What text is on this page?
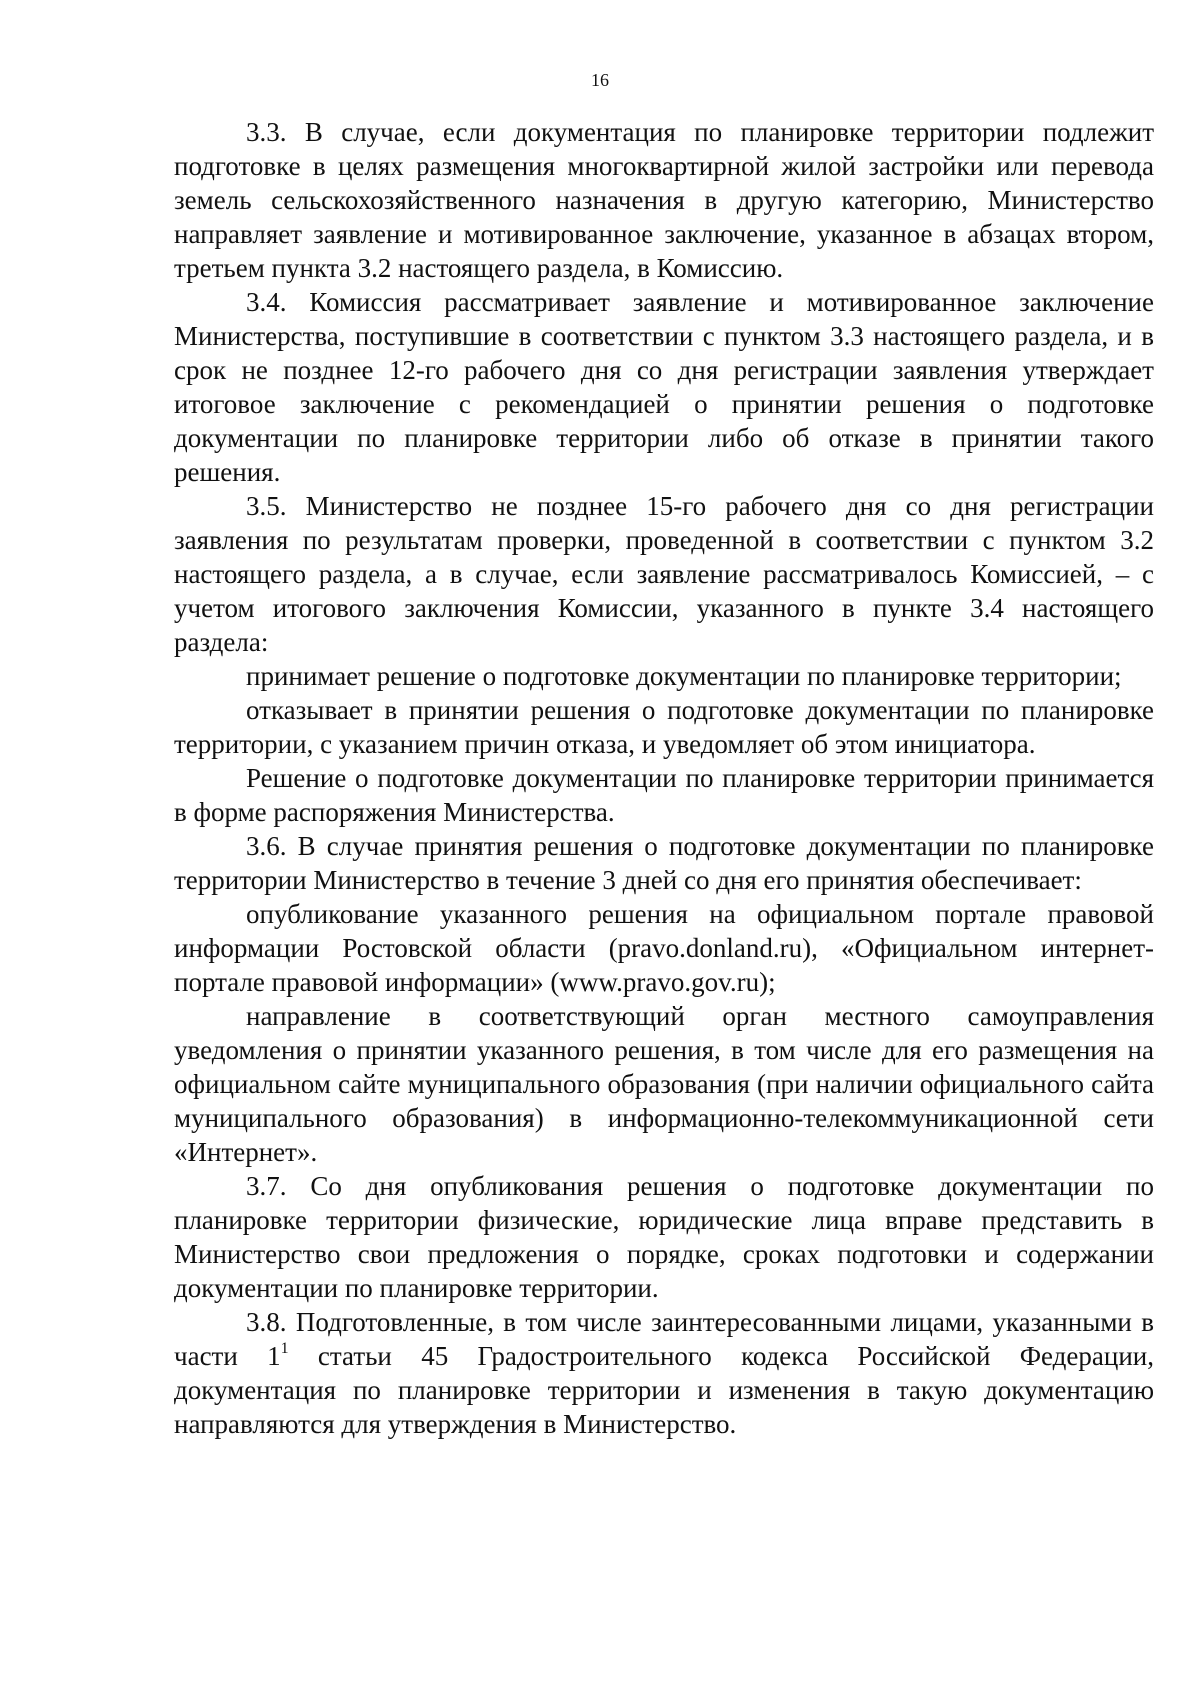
16

3.3. В случае, если документация по планировке территории подлежит подготовке в целях размещения многоквартирной жилой застройки или перевода земель сельскохозяйственного назначения в другую категорию, Министерство направляет заявление и мотивированное заключение, указанное в абзацах втором, третьем пункта 3.2 настоящего раздела, в Комиссию.

3.4. Комиссия рассматривает заявление и мотивированное заключение Министерства, поступившие в соответствии с пунктом 3.3 настоящего раздела, и в срок не позднее 12-го рабочего дня со дня регистрации заявления утверждает итоговое заключение с рекомендацией о принятии решения о подготовке документации по планировке территории либо об отказе в принятии такого решения.

3.5. Министерство не позднее 15-го рабочего дня со дня регистрации заявления по результатам проверки, проведенной в соответствии с пунктом 3.2 настоящего раздела, а в случае, если заявление рассматривалось Комиссией, – с учетом итогового заключения Комиссии, указанного в пункте 3.4 настоящего раздела:

принимает решение о подготовке документации по планировке территории;

отказывает в принятии решения о подготовке документации по планировке территории, с указанием причин отказа, и уведомляет об этом инициатора.

Решение о подготовке документации по планировке территории принимается в форме распоряжения Министерства.

3.6. В случае принятия решения о подготовке документации по планировке территории Министерство в течение 3 дней со дня его принятия обеспечивает:

опубликование указанного решения на официальном портале правовой информации Ростовской области (pravo.donland.ru), «Официальном интернет-портале правовой информации» (www.pravo.gov.ru);

направление в соответствующий орган местного самоуправления уведомления о принятии указанного решения, в том числе для его размещения на официальном сайте муниципального образования (при наличии официального сайта муниципального образования) в информационно-телекоммуникационной сети «Интернет».

3.7. Со дня опубликования решения о подготовке документации по планировке территории физические, юридические лица вправе представить в Министерство свои предложения о порядке, сроках подготовки и содержании документации по планировке территории.

3.8. Подготовленные, в том числе заинтересованными лицами, указанными в части $1^1$ статьи 45 Градостроительного кодекса Российской Федерации, документация по планировке территории и изменения в такую документацию направляются для утверждения в Министерство.
